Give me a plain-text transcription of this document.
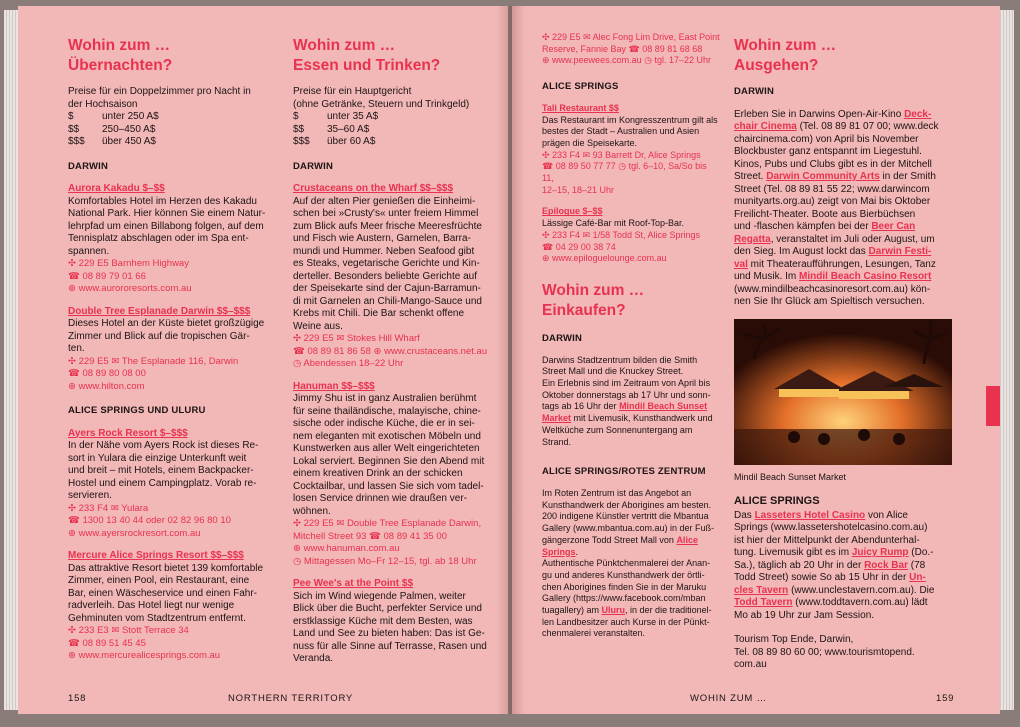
Wohin zum …
Übernachten?
Preise für ein Doppelzimmer pro Nacht in
der Hochsaison
$	unter 250 A$
$$	250–450 A$
$$$	über 450 A$
DARWIN
Aurora Kakadu $–$$
Komfortables Hotel im Herzen des Kakadu
National Park. Hier können Sie einem Natur-
lehrpfad um einen Billabong folgen, auf dem
Tennisplatz abschlagen oder im Spa ent-
spannen.
✣ 229 E5 Barnhem Highway
☎ 08 89 79 01 66
⊕ www.aurororesorts.com.au
Double Tree Esplanade Darwin $$–$$$
Dieses Hotel an der Küste bietet großzügige
Zimmer und Blick auf die tropischen Gär-
ten.
✣ 229 E5 ✉ The Esplanade 116, Darwin
☎ 08 89 80 08 00
⊕ www.hilton.com
ALICE SPRINGS UND ULURU
Ayers Rock Resort $–$$$
In der Nähe vom Ayers Rock ist dieses Re-
sort in Yulara die einzige Unterkunft weit
und breit – mit Hotels, einem Backpacker-
Hostel und einem Campingplatz. Vorab re-
servieren.
✣ 233 F4 ✉ Yulara
☎ 1300 13 40 44 oder 02 82 96 80 10
⊕ www.ayersrockresort.com.au
Mercure Alice Springs Resort $$–$$$
Das attraktive Resort bietet 139 komfortable
Zimmer, einen Pool, ein Restaurant, eine
Bar, einen Wäscheservice und einen Fahr-
radverleih. Das Hotel liegt nur wenige
Gehminuten vom Stadtzentrum entfernt.
✣ 233 E3 ✉ Stott Terrace 34
☎ 08 89 51 45 45
⊕ www.mercurealicesprings.com.au
Wohin zum …
Essen und Trinken?
Preise für ein Hauptgericht
(ohne Getränke, Steuern und Trinkgeld)
$	unter 35 A$
$$	35–60 A$
$$$	über 60 A$
DARWIN
Crustaceans on the Wharf $$–$$$
Auf der alten Pier genießen die Einheimi-
schen bei »Crusty's« unter freiem Himmel
zum Blick aufs Meer frische Meeresfrüchte
und Fisch wie Austern, Garnelen, Barra-
mundi und Hummer. Neben Seafood gibt
es Steaks, vegetarische Gerichte und Kin-
derteller. Besonders beliebte Gerichte auf
der Speisekarte sind der Cajun-Barramun-
di mit Garnelen an Chili-Mango-Sauce und
Krebs mit Chili. Die Bar schenkt offene
Weine aus.
✣ 229 E5 ✉ Stokes Hill Wharf
☎ 08 89 81 86 58 ⊕ www.crustaceans.net.au
◷ Abendessen 18–22 Uhr
Hanuman $$–$$$
Jimmy Shu ist in ganz Australien berühmt
für seine thailändische, malayische, chine-
sische oder indische Küche, die er in sei-
nem eleganten mit exotischen Möbeln und
Kunstwerken aus aller Welt eingerichteten
Lokal serviert. Beginnen Sie den Abend mit
einem kreativen Drink an der schicken
Cocktailbar, und lassen Sie sich vom tadel-
losen Service drinnen wie draußen ver-
wöhnen.
✣ 229 E5 ✉ Double Tree Esplanade Darwin,
Mitchell Street 93 ☎ 08 89 41 35 00
⊕ www.hanuman.com.au
◷ Mittagessen Mo–Fr 12–15, tgl. ab 18 Uhr
Pee Wee's at the Point $$
Sich im Wind wiegende Palmen, weiter
Blick über die Bucht, perfekter Service und
erstklassige Küche mit dem Besten, was
Land und See zu bieten haben: Das ist Ge-
nuss für alle Sinne auf Terrasse, Rasen und
Veranda.
158	NORTHERN TERRITORY
✣ 229 E5 ✉ Alec Fong Lim Drive, East Point
Reserve, Fannie Bay ☎ 08 89 81 68 68
⊕ www.peewees.com.au ◷ tgl. 17–22 Uhr
ALICE SPRINGS
Tali Restaurant $$
Das Restaurant im Kongresszentrum gilt als
bestes der Stadt – Australien und Asien
prägen die Speisekarte.
✣ 233 F4 ✉ 93 Barrett Dr, Alice Springs
☎ 08 89 50 77 77 ◷ tgl. 6–10, Sa/So bis 11,
12–15, 18–21 Uhr
Epilogue $–$$
Lässige Café-Bar mit Roof-Top-Bar.
✣ 233 F4 ✉ 1/58 Todd St, Alice Springs
☎ 04 29 00 38 74
⊕ www.epiloguelounge.com.au
Wohin zum …
Einkaufen?
DARWIN
Darwins Stadtzentrum bilden die Smith
Street Mall und die Knuckey Street.
Ein Erlebnis sind im Zeitraum von April bis
Oktober donnerstags ab 17 Uhr und sonn-
tags ab 16 Uhr der Mindil Beach Sunset
Market mit Livemusik, Kunsthandwerk und
Weltküche zum Sonnenuntergang am
Strand.
ALICE SPRINGS/ROTES ZENTRUM
Im Roten Zentrum ist das Angebot an
Kunsthandwerk der Aborigines am besten.
200 indigene Künstler vertritt die Mbantua
Gallery (www.mbantua.com.au) in der Fuß-
gängerzone Todd Street Mall von Alice
Springs.
Authentische Pünktchenmalerei der Anan-
gu und anderes Kunsthandwerk der örtli-
chen Aborigines finden Sie in der Maruku
Gallery (https://www.facebook.com/mban
tuagallery) am Uluru, in der die traditionel-
len Landbesitzer auch Kurse in der Pünkt-
chenmalerei veranstalten.
Wohin zum …
Ausgehen?
DARWIN
Erleben Sie in Darwins Open-Air-Kino Deck-
chair Cinema (Tel. 08 89 81 07 00; www.deck
chaircinema.com) von April bis November
Blockbuster ganz entspannt im Liegestuhl.
Kinos, Pubs und Clubs gibt es in der Mitchell
Street. Darwin Community Arts in der Smith
Street (Tel. 08 89 81 55 22; www.darwincom
munityarts.org.au) zeigt von Mai bis Oktober
Freilicht-Theater. Boote aus Bierbüchsen
und -flaschen kämpfen bei der Beer Can
Regatta, veranstaltet im Juli oder August, um
den Sieg. Im August lockt das Darwin Festi-
val mit Theateraufführungen, Lesungen, Tanz
und Musik. Im Mindil Beach Casino Resort
(www.mindilbeachcasinoresort.com.au) kön-
nen Sie Ihr Glück am Spieltisch versuchen.
Mindil Beach Sunset Market
ALICE SPRINGS
Das Lasseters Hotel Casino von Alice
Springs (www.lassetershotelcasino.com.au)
ist hier der Mittelpunkt der Abendunterhal-
tung. Livemusik gibt es im Juicy Rump (Do.-
Sa.), täglich ab 20 Uhr in der Rock Bar (78
Todd Street) sowie So ab 15 Uhr in der Un-
cles Tavern (www.unclestavern.com.au). Die
Todd Tavern (www.toddtavern.com.au) lädt
Mo ab 19 Uhr zur Jam Session.
Tourism Top Ende, Darwin,
Tel. 08 89 80 60 00; www.tourismtopend.
com.au
WOHIN ZUM …	159
